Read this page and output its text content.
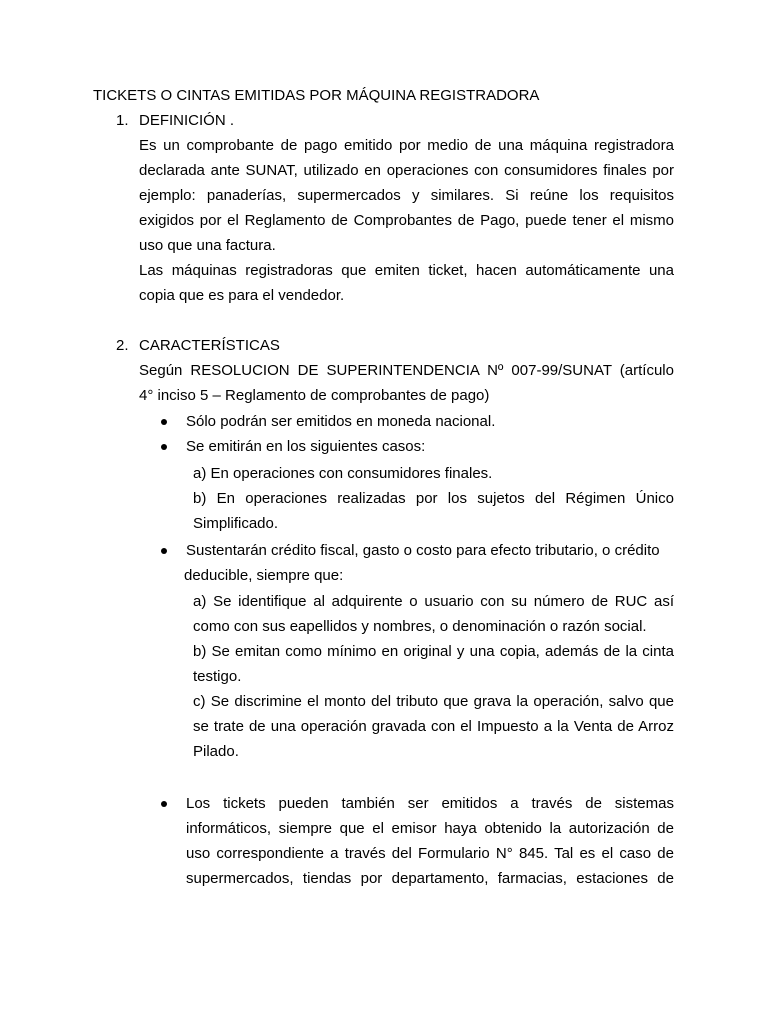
TICKETS O CINTAS EMITIDAS POR MÁQUINA REGISTRADORA
1. DEFINICIÓN .
Es un comprobante de pago emitido por medio de una máquina registradora
declarada ante SUNAT, utilizado en operaciones con consumidores finales por
ejemplo: panaderías, supermercados y similares. Si reúne los requisitos
exigidos por el Reglamento de Comprobantes de Pago, puede tener el mismo
uso que una factura.
Las máquinas registradoras que emiten ticket, hacen automáticamente una
copia que es para el vendedor.
2. CARACTERÍSTICAS
Según RESOLUCION DE SUPERINTENDENCIA Nº 007-99/SUNAT (artículo
4° inciso 5 – Reglamento de comprobantes de pago)
Sólo podrán ser emitidos en moneda nacional.
Se emitirán en los siguientes casos:
a) En operaciones con consumidores finales.
b) En operaciones realizadas por los sujetos del Régimen Único
Simplificado.
Sustentarán crédito fiscal, gasto o costo para efecto tributario, o crédito
deducible, siempre que:
a) Se identifique al adquirente o usuario con su número de RUC así
como con sus eapellidos y nombres, o denominación o razón social.
b) Se emitan como mínimo en original y una copia, además de la cinta
testigo.
c) Se discrimine el monto del tributo que grava la operación, salvo que
se trate de una operación gravada con el Impuesto a la Venta de Arroz
Pilado.
Los tickets pueden también ser emitidos a través de sistemas
informáticos, siempre que el emisor haya obtenido la autorización de
uso correspondiente a través del Formulario N° 845. Tal es el caso de
supermercados, tiendas por departamento, farmacias, estaciones de
